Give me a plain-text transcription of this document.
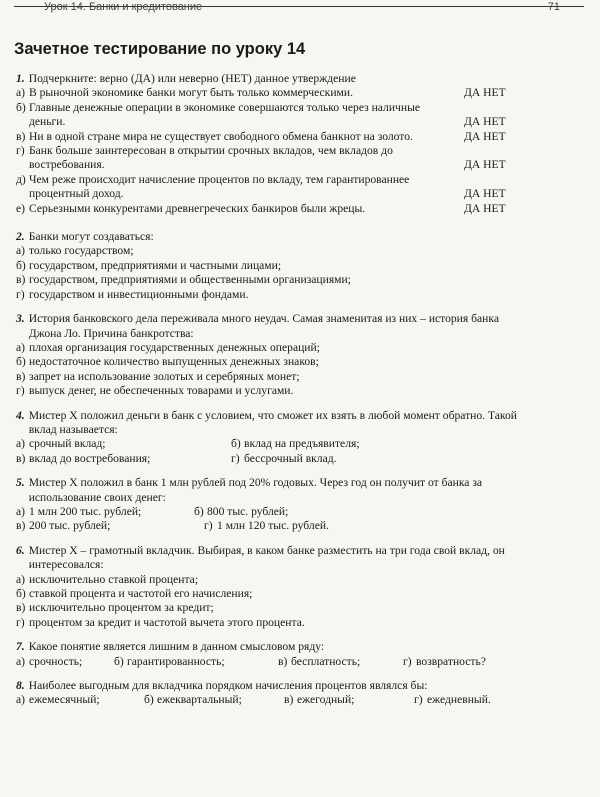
Урок 14. Банки и кредитование	71
Зачетное тестирование по уроку 14
1. Подчеркните: верно (ДА) или неверно (НЕТ) данное утверждение
а) В рыночной экономике банки могут быть только коммерческими.	ДА НЕТ
б) Главные денежные операции в экономике совершаются только через наличные деньги.	ДА НЕТ
в) Ни в одной стране мира не существует свободного обмена банкнот на золото.	ДА НЕТ
г) Банк больше заинтересован в открытии срочных вкладов, чем вкладов до востребования.	ДА НЕТ
д) Чем реже происходит начисление процентов по вкладу, тем гарантированнее процентный доход.	ДА НЕТ
е) Серьезными конкурентами древнегреческих банкиров были жрецы.	ДА НЕТ
2. Банки могут создаваться:
а) только государством;
б) государством, предприятиями и частными лицами;
в) государством, предприятиями и общественными организациями;
г) государством и инвестиционными фондами.
3. История банковского дела переживала много неудач. Самая знаменитая из них – история банка Джона Ло. Причина банкротства:
а) плохая организация государственных денежных операций;
б) недостаточное количество выпущенных денежных знаков;
в) запрет на использование золотых и серебряных монет;
г) выпуск денег, не обеспеченных товарами и услугами.
4. Мистер X положил деньги в банк с условием, что сможет их взять в любой момент обратно. Такой вклад называется:
а) срочный вклад;	б) вклад на предъявителя;
в) вклад до востребования;	г) бессрочный вклад.
5. Мистер X положил в банк 1 млн рублей под 20% годовых. Через год он получит от банка за использование своих денег:
а) 1 млн 200 тыс. рублей;	б) 800 тыс. рублей;
в) 200 тыс. рублей;	г) 1 млн 120 тыс. рублей.
6. Мистер X – грамотный вкладчик. Выбирая, в каком банке разместить на три года свой вклад, он интересовался:
а) исключительно ставкой процента;
б) ставкой процента и частотой его начисления;
в) исключительно процентом за кредит;
г) процентом за кредит и частотой вычета этого процента.
7. Какое понятие является лишним в данном смысловом ряду:
а) срочность;	б) гарантированность;	в) бесплатность;	г) возвратность?
8. Наиболее выгодным для вкладчика порядком начисления процентов являлся бы:
а) ежемесячный;	б) ежеквартальный;	в) ежегодный;	г) ежедневный.
